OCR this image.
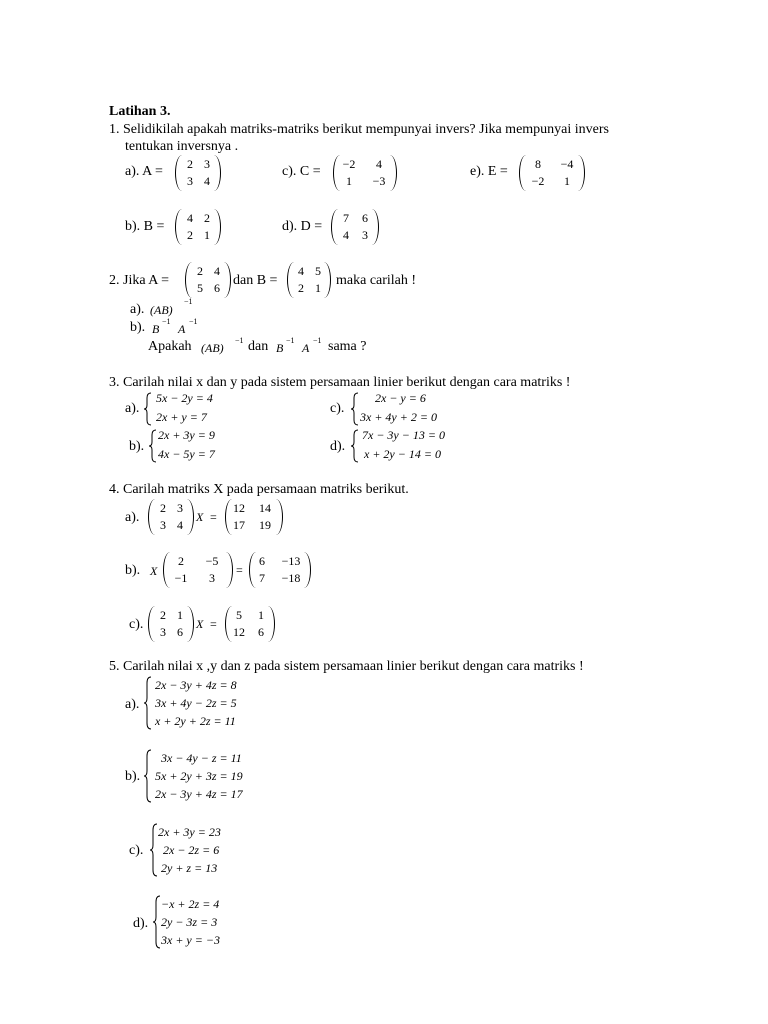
Latihan 3.
1. Selidikilah apakah matriks-matriks berikut mempunyai invers? Jika mempunyai invers
tentukan inversnya .
a). A =	2 3
3 4
c). C =	−2	4
1	−3
e). E =	8	−4
−2	1
b). B =
4 2
2 1
d). D =
7	6
4	3
2. Jika A =
2 4
5 6 dan B =
4 5
2 1	maka carilah !
a). (AB)
−1
b). B
−1
A
−1
Apakah (AB)
−1 dan B
−1
A
−1 sama ?
3. Carilah nilai x dan y pada sistem persamaan linier berikut dengan cara matriks !
a).
5x − 2y = 4
2x + y = 7
c).
2x − y = 6
3x + 4y + 2 = 0
b).
2x + 3y = 9
4x − 5y = 7	d).
7x − 3y − 13 = 0
x + 2y − 14 = 0
4. Carilah matriks X pada persamaan matriks berikut.
a).
2 3
3 4
X =
12	14
17	19
b). X
2	−5
−1	3
=
6	−13
7	−18
c).
2 1
3 6
X =
5	1
12	6
5. Carilah nilai x ,y dan z pada sistem persamaan linier berikut dengan cara matriks !
a).
2x − 3y + 4z = 8
3x + 4y − 2z = 5
x + 2y + 2z = 11
b).
3x − 4y − z = 11
5x + 2y + 3z = 19
2x − 3y + 4z = 17
c).
2x + 3y = 23
2x − 2z = 6
2y + z = 13
d).
−x + 2z = 4
2y − 3z = 3
3x + y = −3
